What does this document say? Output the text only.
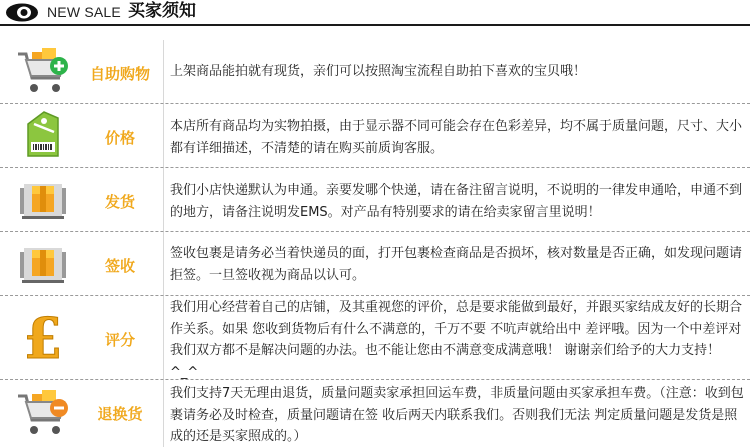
NEW SALE 买家须知
自助购物	上架商品能拍就有现货，亲们可以按照淘宝流程自助拍下喜欢的宝贝哦！
价格
本店所有商品均为实物拍摄，由于显示器不同可能会存在色彩差异，均不属于质量问题，尺寸、大小都有详细描述，不清楚的请在购买前质询客服。
发货
我们小店快递默认为申通。亲要发哪个快递，请在备注留言说明，不说明的一律发申通哈，申通不到的地方，请备注说明发EMS。对产品有特别要求的请在给卖家留言里说明！
签收
签收包裹是请务必当着快递员的面，打开包裹检查商品是否损坏，核对数量是否正确，如发现问题请拒签。一旦签收视为商品以认可。
£	评分
我们用心经营着自己的店铺，及其重视您的评价，总是要求能做到最好，并跟买家结成友好的长期合作关系。如果 您收到货物后有什么不满意的，千万不要 不吭声就给出中 差评哦。因为一个中差评对我们双方都不是解决问题的办法。也不能让您由不满意变成满意哦！ 谢谢亲们给予的大力支持！^_^
退换货
我们支持7天无理由退货，质量问题卖家承担回运车费，非质量问题由买家承担车费。（注意：收到包裹请务必及时检查，质量问题请在签 收后两天内联系我们。否则我们无法 判定质量问题是发货是照成的还是买家照成的。）
